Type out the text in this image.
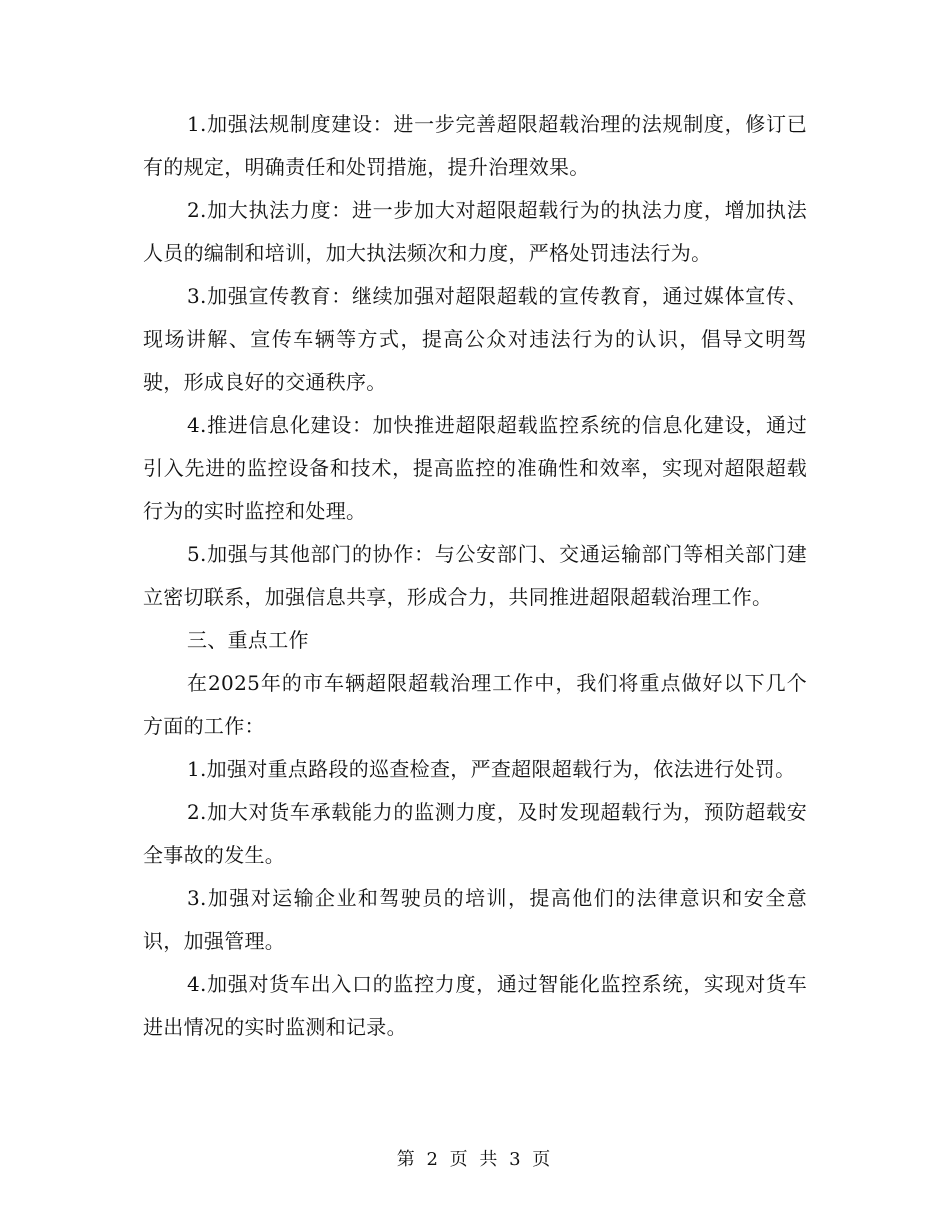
1.加强法规制度建设：进一步完善超限超载治理的法规制度，修订已有的规定，明确责任和处罚措施，提升治理效果。

2.加大执法力度：进一步加大对超限超载行为的执法力度，增加执法人员的编制和培训，加大执法频次和力度，严格处罚违法行为。

3.加强宣传教育：继续加强对超限超载的宣传教育，通过媒体宣传、现场讲解、宣传车辆等方式，提高公众对违法行为的认识，倡导文明驾驶，形成良好的交通秩序。

4.推进信息化建设：加快推进超限超载监控系统的信息化建设，通过引入先进的监控设备和技术，提高监控的准确性和效率，实现对超限超载行为的实时监控和处理。

5.加强与其他部门的协作：与公安部门、交通运输部门等相关部门建立密切联系，加强信息共享，形成合力，共同推进超限超载治理工作。

三、重点工作

在2025年的市车辆超限超载治理工作中，我们将重点做好以下几个方面的工作：

1.加强对重点路段的巡查检查，严查超限超载行为，依法进行处罚。

2.加大对货车承载能力的监测力度，及时发现超载行为，预防超载安全事故的发生。

3.加强对运输企业和驾驶员的培训，提高他们的法律意识和安全意识，加强管理。

4.加强对货车出入口的监控力度，通过智能化监控系统，实现对货车进出情况的实时监测和记录。

第 2 页 共 3 页
